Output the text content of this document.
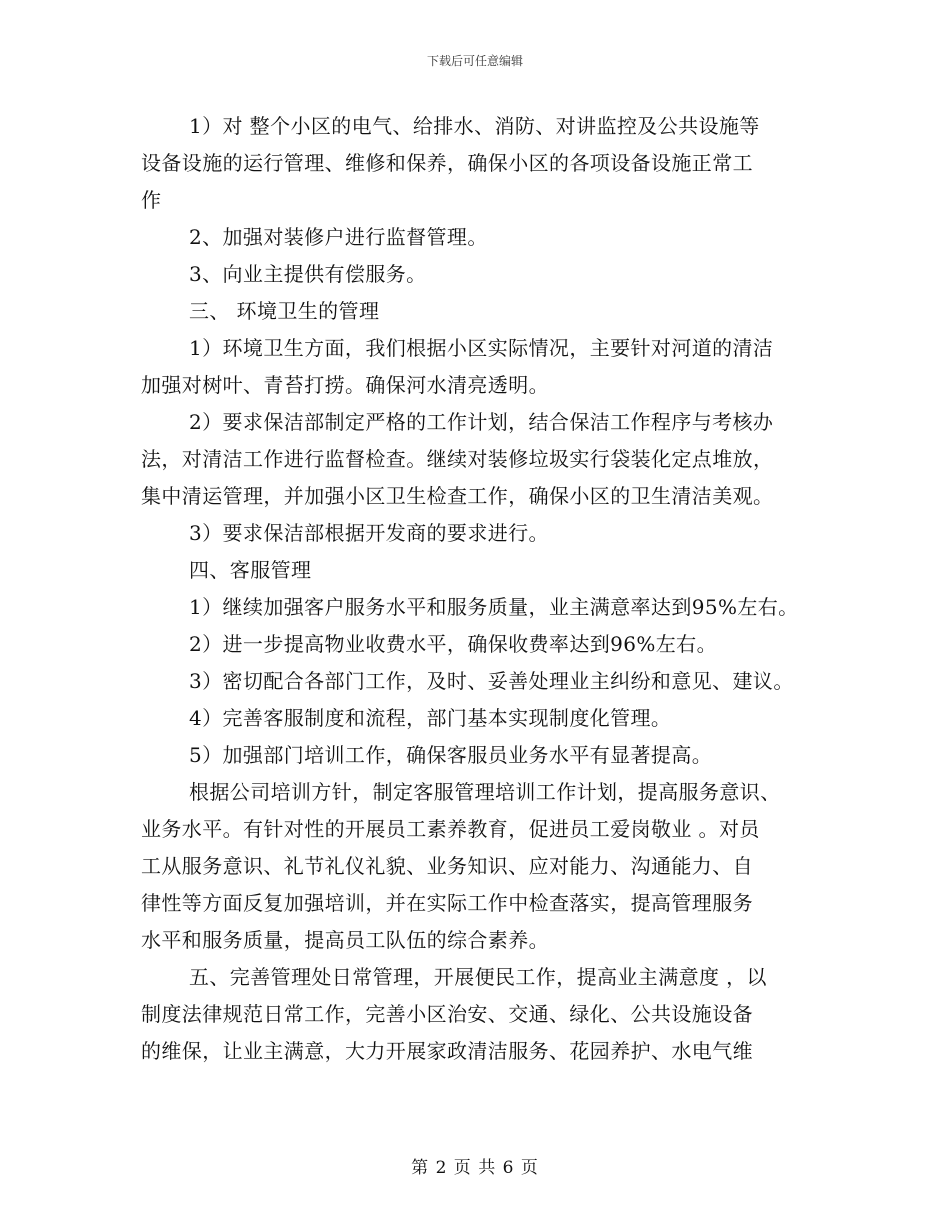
下载后可任意编辑
1）对 整个小区的电气、给排水、消防、对讲监控及公共设施等
设备设施的运行管理、维修和保养，确保小区的各项设备设施正常工
作
2、加强对装修户进行监督管理。
3、向业主提供有偿服务。
三、 环境卫生的管理
1）环境卫生方面，我们根据小区实际情况，主要针对河道的清洁
加强对树叶、青苔打捞。确保河水清亮透明。
2）要求保洁部制定严格的工作计划，结合保洁工作程序与考核办
法，对清洁工作进行监督检查。继续对装修垃圾实行袋装化定点堆放，
集中清运管理，并加强小区卫生检查工作，确保小区的卫生清洁美观。
3）要求保洁部根据开发商的要求进行。
四、客服管理
1）继续加强客户服务水平和服务质量，业主满意率达到95%左右。
2）进一步提高物业收费水平，确保收费率达到96%左右。
3）密切配合各部门工作，及时、妥善处理业主纠纷和意见、建议。
4）完善客服制度和流程，部门基本实现制度化管理。
5）加强部门培训工作，确保客服员业务水平有显著提高。
根据公司培训方针，制定客服管理培训工作计划，提高服务意识、
业务水平。有针对性的开展员工素养教育，促进员工爱岗敬业 。对员
工从服务意识、礼节礼仪礼貌、业务知识、应对能力、沟通能力、自
律性等方面反复加强培训，并在实际工作中检查落实，提高管理服务
水平和服务质量，提高员工队伍的综合素养。
五、完善管理处日常管理，开展便民工作，提高业主满意度 ，以
制度法律规范日常工作，完善小区治安、交通、绿化、公共设施设备
的维保，让业主满意，大力开展家政清洁服务、花园养护、水电气维
第 2 页 共 6 页
